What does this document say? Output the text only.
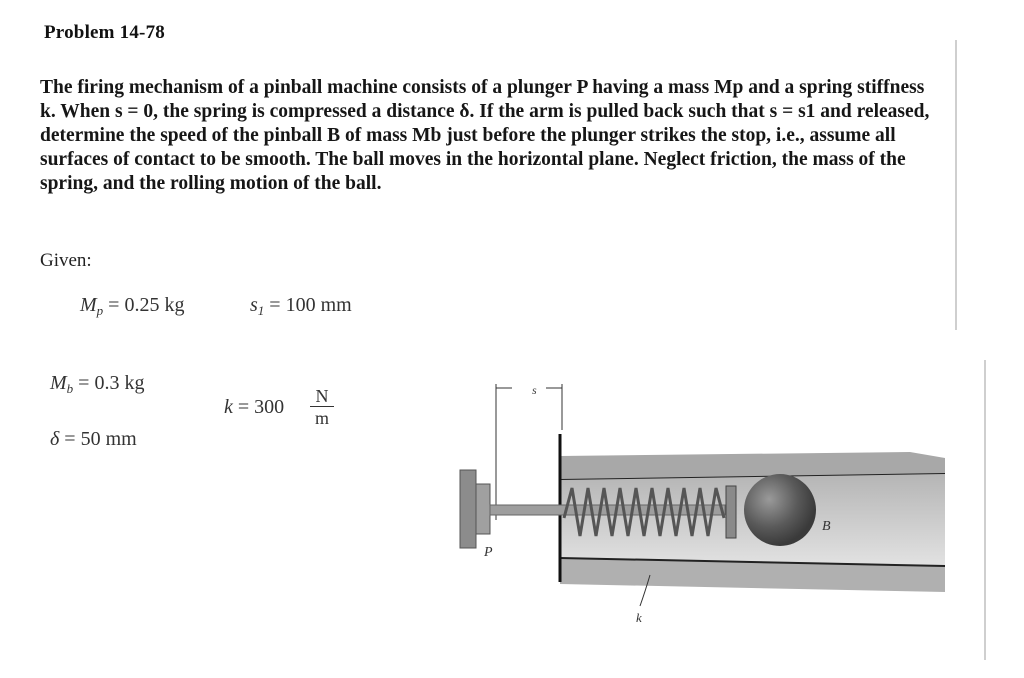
Problem 14-78

The firing mechanism of a pinball machine consists of a plunger P having a mass Mp and a spring stiffness k. When s = 0, the spring is compressed a distance δ. If the arm is pulled back such that s = s1 and released, determine the speed of the pinball B of mass Mb just before the plunger strikes the stop, i.e., assume all surfaces of contact to be smooth. The ball moves in the horizontal plane. Neglect friction, the mass of the spring, and the rolling motion of the ball.

Given:
$M_p = 0.25$ kg	$s_1 = 100$ mm
$M_b = 0.3$ kg
$k = 300 \frac{N}{m}$
δ = 50 mm
s
P
B
k
